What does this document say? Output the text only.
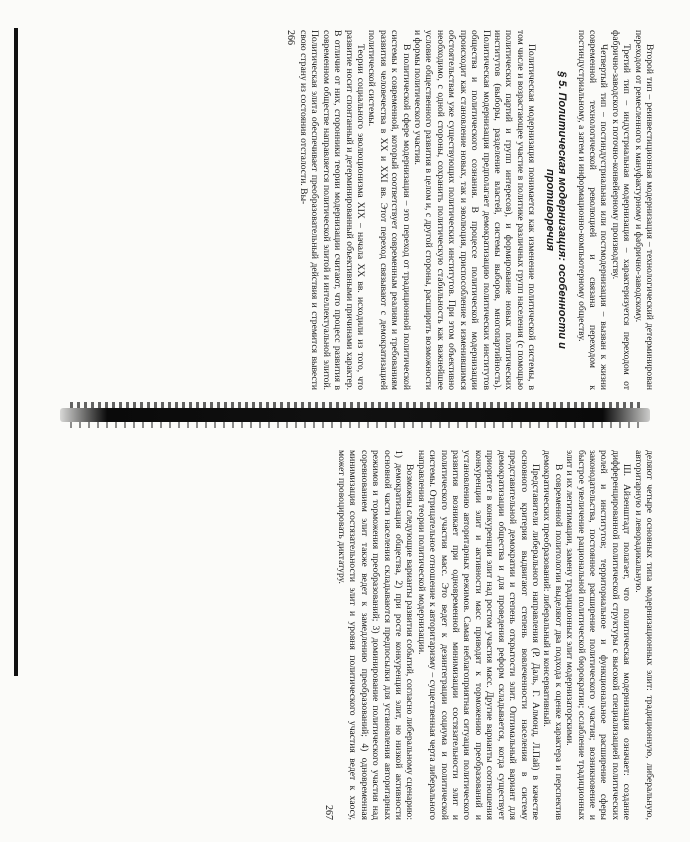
Второй тип – реинвестиционная модернизация – технологический детерминирован переходом от ремесленного к мануфактурному и фабрично-заводскому.

Третий тип – индустриальная модернизация – характеризуется переходом от фабрично-заводского к поточно-конвейерному производству.

Четвертый тип – постиндустриальная или постмодернизация – вызван к жизни современной технологической революцией и связана переходом к постиндустриальному, а затем и информационно-компьютерному обществу.

§ 5. Политическая модернизация: особенности и противоречия

Политическая модернизация понимается как изменение политической системы, в том числе и возрастающее участие в политике различных групп населения (с помощью политических партий и групп интересов), и формирование новых политических институтов (выборы, разделение властей, системы выборов, многопартийность). Политическая модернизация предполагает демократизацию политических институтов общества и политического сознания. В процессе политической модернизации происходит как становление новых, так и эволюция, приспособление к изменившимся обстоятельствам уже существующих политических институтов. При этом объективно необходимо, с одной стороны, сохранить политическую стабильность как важнейшее условие общественного развития в целом и, с другой стороны, расширить возможности и формы политического участия.

В политической сфере модернизация – это переход от традиционной политической системы к современной, который соответствует современным реалиям и требованиям развития человечества в XX и XXI вв. Этот переход связывают с демократизацией политической системы.

Теории социального эволюционизма XIX – начала XX вв. исходили из того, что развитие носит спонтанный и детерминированный объективными причинами характер. В отличие от них, сторонники теории модернизации считают, что процесс развития в современном обществе направляется политической элитой и интеллектуальной элитой. Политическая элита обеспечивает преобразовательный действия и стремится вывести свою страну из состояния отсталости. Вы-

266

деляют четыре основных типа модернизационных элит: традиционную, либеральную, авторитарную и леворадикальную.

Ш. Айзенштадт полагает, что политическая модернизация означает: создание дифференцированной политической структуры с высокой специализацией политических ролей и институтов; территориальное и функциональное расширение сферы законодательства, постоянное расширение политического участия; возникновение и быстрое увеличение рациональной политической бюрократии; ослабление традиционных элит и их легитимации, замену традиционных элит модернизаторскими.

В современной политологии выделяют два подхода к оценке характера и перспектив демократических преобразований: либеральный и консервативный.

Представители либерального направления (Р. Даль, Г. Алмонд, Л.Пай) в качестве основного критерия выдвигают степень вовлеченности населения в систему представительной демократии и степень открытости элит. Оптимальный вариант для демократизации общества и для проведения реформ складывается, когда существует приоритет в конкуренции элит над ростом участия масс. Другие варианты соотношения конкуренции элит и активности масс приводят к торможению преобразований и установлению авторитарных режимов. Самая неблагоприятная ситуация политического развития возникает при одновременной минимизации состязательности элит и политического участия масс. Это ведет к дезинтеграции социума и политической системы. Отрицательное отношение к авторитаризму – существенная черта либерального направления теории политической модернизации.

Возможны следующие варианты развития событий, согласно либеральному сценарию: 1) демократизация общества, 2) при росте конкуренции элит, но низкой активности основной части населения складываются предпосылки для установления авторитарных режимов и торможения преобразований; 3) доминирование политического участия над соревнованием элит также ведет к замедлению преобразований; 4) одновременная минимизация состязательности элит и уровня политического участия ведет к хаосу, может провоцировать диктатуру.

267
